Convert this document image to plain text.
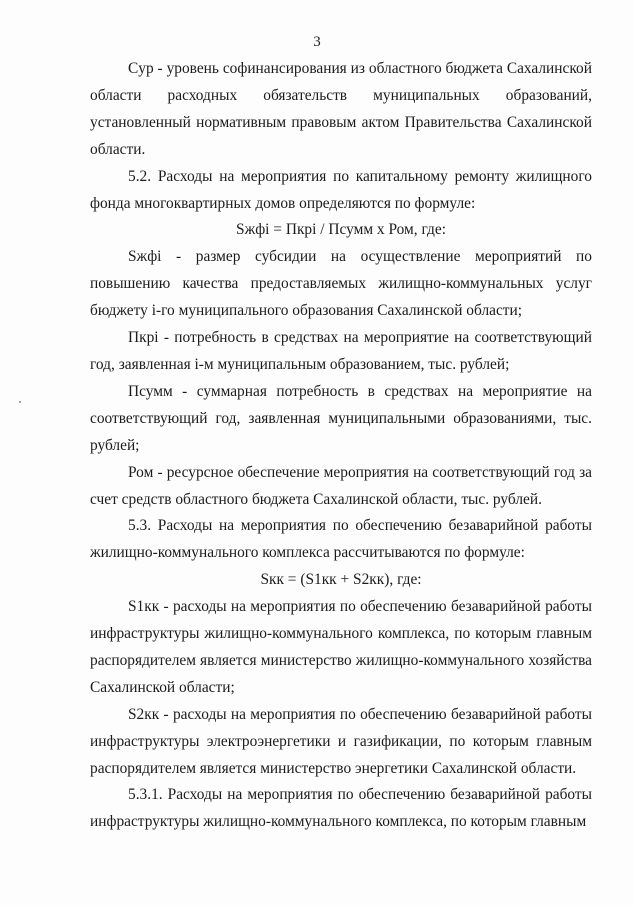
3

Cур - уровень софинансирования из областного бюджета Сахалинской области расходных обязательств муниципальных образований, установленный нормативным правовым актом Правительства Сахалинской области.

5.2. Расходы на мероприятия по капитальному ремонту жилищного фонда многоквартирных домов определяются по формуле:

Sжфi = Пкрi / Псумм x Ром, где:

Sжфi - размер субсидии на осуществление мероприятий по повышению качества предоставляемых жилищно-коммунальных услуг бюджету i-го муниципального образования Сахалинской области;

Пкрi - потребность в средствах на мероприятие на соответствующий год, заявленная i-м муниципальным образованием, тыс. рублей;

Псумм - суммарная потребность в средствах на мероприятие на соответствующий год, заявленная муниципальными образованиями, тыс. рублей;

Ром - ресурсное обеспечение мероприятия на соответствующий год за счет средств областного бюджета Сахалинской области, тыс. рублей.

5.3. Расходы на мероприятия по обеспечению безаварийной работы жилищно-коммунального комплекса рассчитываются по формуле:

Sкк = (S1кк + S2кк), где:

S1кк - расходы на мероприятия по обеспечению безаварийной работы инфраструктуры жилищно-коммунального комплекса, по которым главным распорядителем является министерство жилищно-коммунального хозяйства Сахалинской области;

S2кк - расходы на мероприятия по обеспечению безаварийной работы инфраструктуры электроэнергетики и газификации, по которым главным распорядителем является министерство энергетики Сахалинской области.

5.3.1. Расходы на мероприятия по обеспечению безаварийной работы инфраструктуры жилищно-коммунального комплекса, по которым главным
